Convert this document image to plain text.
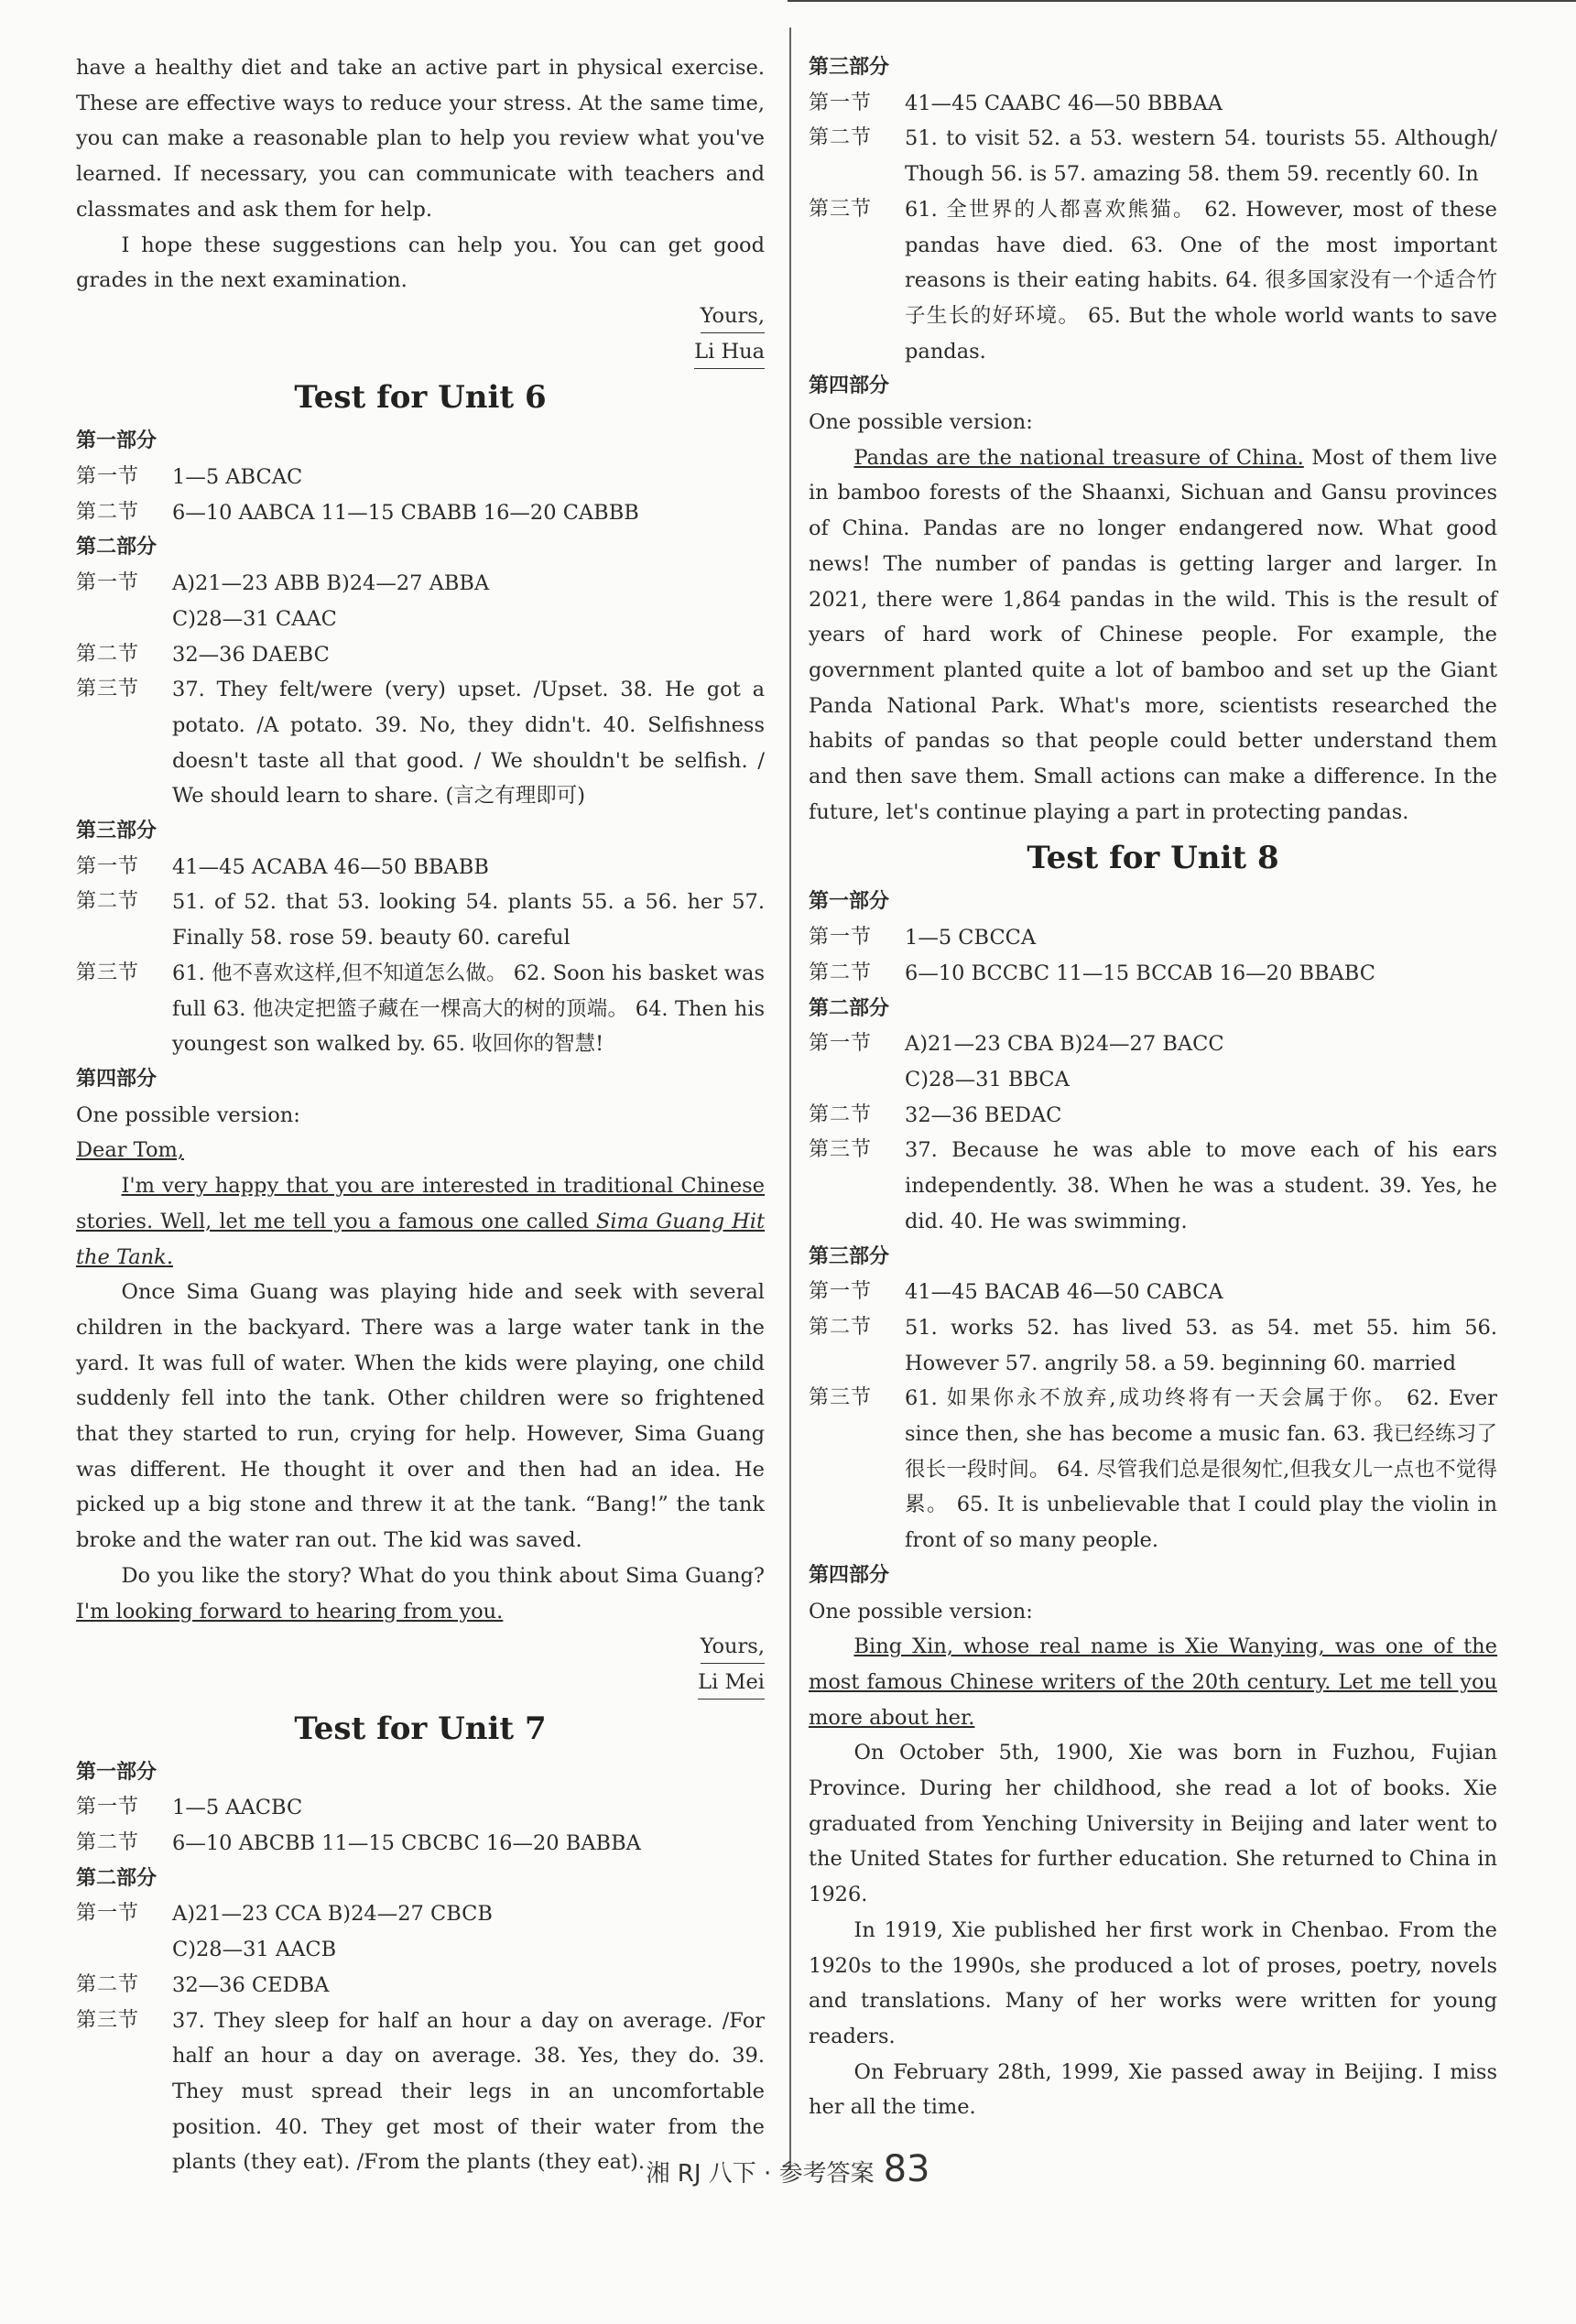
have a healthy diet and take an active part in physical exercise. These are effective ways to reduce your stress. At the same time, you can make a reasonable plan to help you review what you've learned. If necessary, you can communicate with teachers and classmates and ask them for help.

I hope these suggestions can help you. You can get good grades in the next examination.

Yours,

Li Hua

Test for Unit 6
第一部分
第一节	1—5 ABCAC
第二节	6—10 AABCA 11—15 CBABB 16—20 CABBB
第二部分
第一节	A)21—23 ABB B)24—27 ABBA
C)28—31 CAAC
第二节	32—36 DAEBC
第三节	37. They felt/were (very) upset. /Upset. 38. He got a potato. /A potato. 39. No, they didn't. 40. Selfishness doesn't taste all that good. / We shouldn't be selfish. / We should learn to share. (言之有理即可)
第三部分
第一节	41—45 ACABA 46—50 BBABB
第二节	51. of 52. that 53. looking 54. plants 55. a 56. her 57. Finally 58. rose 59. beauty 60. careful
第三节	61. 他不喜欢这样,但不知道怎么做。 62. Soon his basket was full 63. 他决定把篮子藏在一棵高大的树的顶端。 64. Then his youngest son walked by. 65. 收回你的智慧!
第四部分

One possible version:

Dear Tom,

I'm very happy that you are interested in traditional Chinese stories. Well, let me tell you a famous one called Sima Guang Hit the Tank.

Once Sima Guang was playing hide and seek with several children in the backyard. There was a large water tank in the yard. It was full of water. When the kids were playing, one child suddenly fell into the tank. Other children were so frightened that they started to run, crying for help. However, Sima Guang was different. He thought it over and then had an idea. He picked up a big stone and threw it at the tank. “Bang!” the tank broke and the water ran out. The kid was saved.

Do you like the story? What do you think about Sima Guang? I'm looking forward to hearing from you.

Yours,

Li Mei

Test for Unit 7
第一部分
第一节	1—5 AACBC
第二节	6—10 ABCBB 11—15 CBCBC 16—20 BABBA
第二部分
第一节	A)21—23 CCA B)24—27 CBCB
C)28—31 AACB
第二节	32—36 CEDBA
第三节	37. They sleep for half an hour a day on average. /For half an hour a day on average. 38. Yes, they do. 39. They must spread their legs in an uncomfortable position. 40. They get most of their water from the plants (they eat). /From the plants (they eat).
第三部分
第一节	41—45 CAABC 46—50 BBBAA
第二节	51. to visit 52. a 53. western 54. tourists 55. Although/ Though 56. is 57. amazing 58. them 59. recently 60. In
第三节	61. 全世界的人都喜欢熊猫。 62. However, most of these pandas have died. 63. One of the most important reasons is their eating habits. 64. 很多国家没有一个适合竹子生长的好环境。 65. But the whole world wants to save pandas.
第四部分

One possible version:

Pandas are the national treasure of China. Most of them live in bamboo forests of the Shaanxi, Sichuan and Gansu provinces of China. Pandas are no longer endangered now. What good news! The number of pandas is getting larger and larger. In 2021, there were 1,864 pandas in the wild. This is the result of years of hard work of Chinese people. For example, the government planted quite a lot of bamboo and set up the Giant Panda National Park. What's more, scientists researched the habits of pandas so that people could better understand them and then save them. Small actions can make a difference. In the future, let's continue playing a part in protecting pandas.

Test for Unit 8
第一部分
第一节	1—5 CBCCA
第二节	6—10 BCCBC 11—15 BCCAB 16—20 BBABC
第二部分
第一节	A)21—23 CBA B)24—27 BACC
C)28—31 BBCA
第二节	32—36 BEDAC
第三节	37. Because he was able to move each of his ears independently. 38. When he was a student. 39. Yes, he did. 40. He was swimming.
第三部分
第一节	41—45 BACAB 46—50 CABCA
第二节	51. works 52. has lived 53. as 54. met 55. him 56. However 57. angrily 58. a 59. beginning 60. married
第三节	61. 如果你永不放弃,成功终将有一天会属于你。 62. Ever since then, she has become a music fan. 63. 我已经练习了很长一段时间。 64. 尽管我们总是很匆忙,但我女儿一点也不觉得累。 65. It is unbelievable that I could play the violin in front of so many people.
第四部分

One possible version:

Bing Xin, whose real name is Xie Wanying, was one of the most famous Chinese writers of the 20th century. Let me tell you more about her.

On October 5th, 1900, Xie was born in Fuzhou, Fujian Province. During her childhood, she read a lot of books. Xie graduated from Yenching University in Beijing and later went to the United States for further education. She returned to China in 1926.

In 1919, Xie published her first work in Chenbao. From the 1920s to the 1990s, she produced a lot of proses, poetry, novels and translations. Many of her works were written for young readers.

On February 28th, 1999, Xie passed away in Beijing. I miss her all the time.

湘 RJ 八下 · 参考答案 83
